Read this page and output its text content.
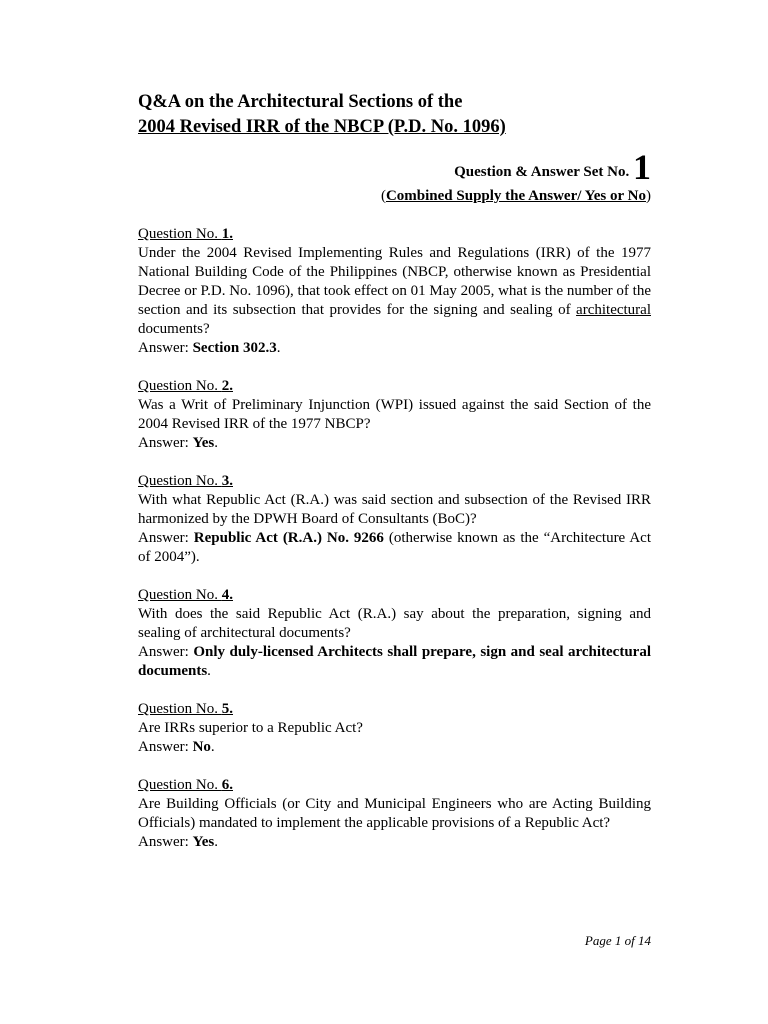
Q&A on the Architectural Sections of the
2004 Revised IRR of the NBCP (P.D. No. 1096)
Question & Answer Set No. 1
(Combined Supply the Answer/ Yes or No)
Question No. 1.
Under the 2004 Revised Implementing Rules and Regulations (IRR) of the 1977 National Building Code of the Philippines (NBCP, otherwise known as Presidential Decree or P.D. No. 1096), that took effect on 01 May 2005, what is the number of the section and its subsection that provides for the signing and sealing of architectural documents?
Answer: Section 302.3.
Question No. 2.
Was a Writ of Preliminary Injunction (WPI) issued against the said Section of the 2004 Revised IRR of the 1977 NBCP?
Answer: Yes.
Question No. 3.
With what Republic Act (R.A.) was said section and subsection of the Revised IRR harmonized by the DPWH Board of Consultants (BoC)?
Answer: Republic Act (R.A.) No. 9266 (otherwise known as the “Architecture Act of 2004”).
Question No. 4.
With does the said Republic Act (R.A.) say about the preparation, signing and sealing of architectural documents?
Answer: Only duly-licensed Architects shall prepare, sign and seal architectural documents.
Question No. 5.
Are IRRs superior to a Republic Act?
Answer: No.
Question No. 6.
Are Building Officials (or City and Municipal Engineers who are Acting Building Officials) mandated to implement the applicable provisions of a Republic Act?
Answer: Yes.
Page 1 of 14
